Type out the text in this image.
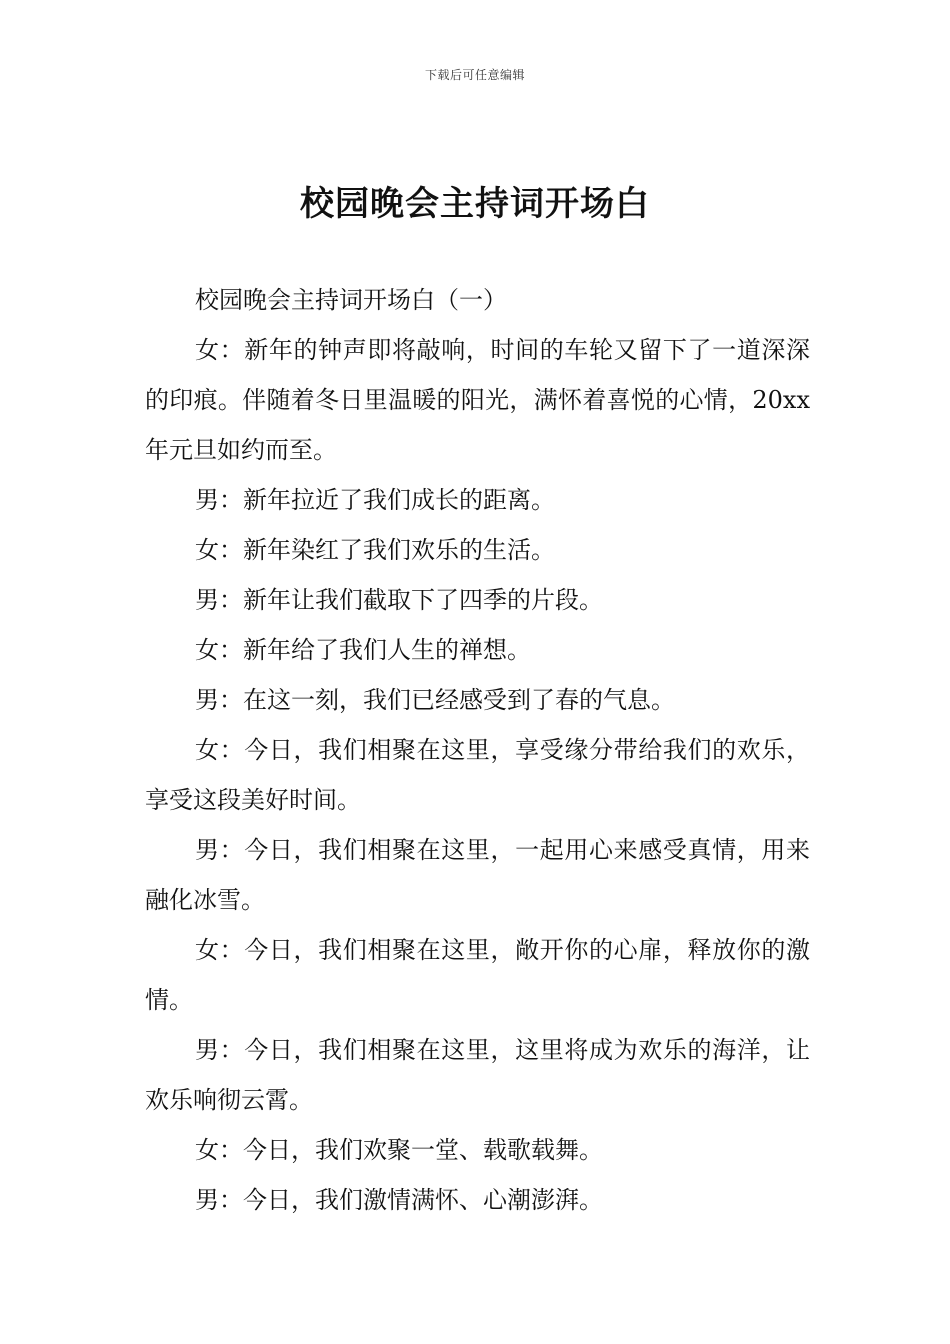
下载后可任意编辑
校园晚会主持词开场白

校园晚会主持词开场白（一）

女：新年的钟声即将敲响，时间的车轮又留下了一道深深的印痕。伴随着冬日里温暖的阳光，满怀着喜悦的心情，20xx年元旦如约而至。

男：新年拉近了我们成长的距离。

女：新年染红了我们欢乐的生活。

男：新年让我们截取下了四季的片段。

女：新年给了我们人生的禅想。

男：在这一刻，我们已经感受到了春的气息。

女：今日，我们相聚在这里，享受缘分带给我们的欢乐，享受这段美好时间。

男：今日，我们相聚在这里，一起用心来感受真情，用来融化冰雪。

女：今日，我们相聚在这里，敞开你的心扉，释放你的激情。

男：今日，我们相聚在这里，这里将成为欢乐的海洋，让欢乐响彻云霄。

女：今日，我们欢聚一堂、载歌载舞。

男：今日，我们激情满怀、心潮澎湃。
